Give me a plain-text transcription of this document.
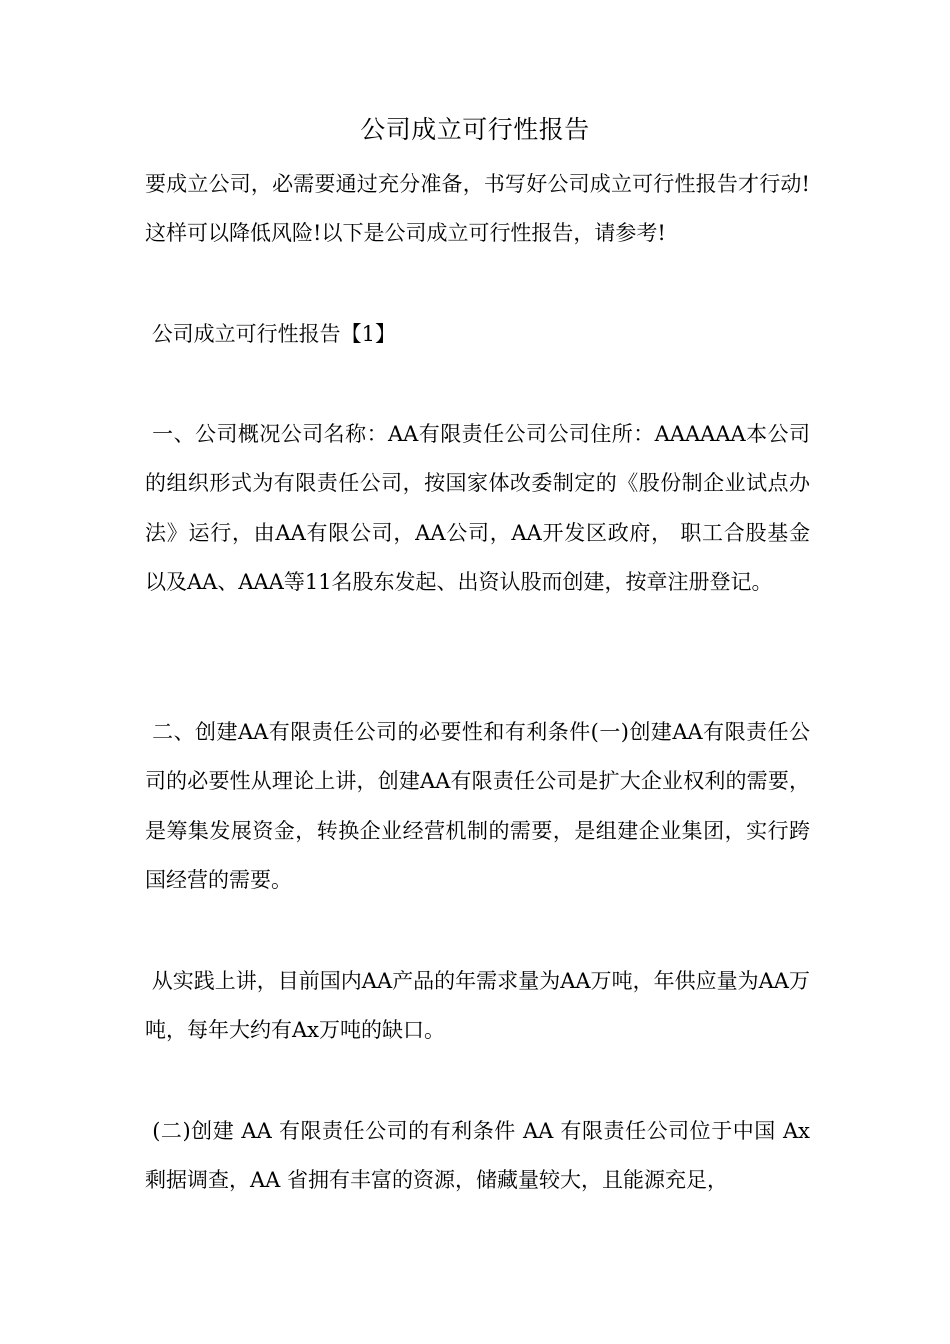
公司成立可行性报告
要成立公司，必需要通过充分准备，书写好公司成立可行性报告才行动!这样可以降低风险!以下是公司成立可行性报告，请参考!
公司成立可行性报告【1】
一、公司概况公司名称：AA有限责任公司公司住所：AAAAAA本公司的组织形式为有限责任公司，按国家体改委制定的《股份制企业试点办法》运行，由AA有限公司，AA公司，AA开发区政府， 职工合股基金 以及AA、AAA等11名股东发起、出资认股而创建，按章注册登记。
二、创建AA有限责任公司的必要性和有利条件(一)创建AA有限责任公司的必要性从理论上讲，创建AA有限责任公司是扩大企业权利的需要，是筹集发展资金，转换企业经营机制的需要，是组建企业集团，实行跨国经营的需要。
从实践上讲，目前国内AA产品的年需求量为AA万吨，年供应量为AA万吨，每年大约有Ax万吨的缺口。
(二)创建 AA 有限责任公司的有利条件 AA 有限责任公司位于中国 Ax 剩据调查，AA 省拥有丰富的资源，储藏量较大，且能源充足，
